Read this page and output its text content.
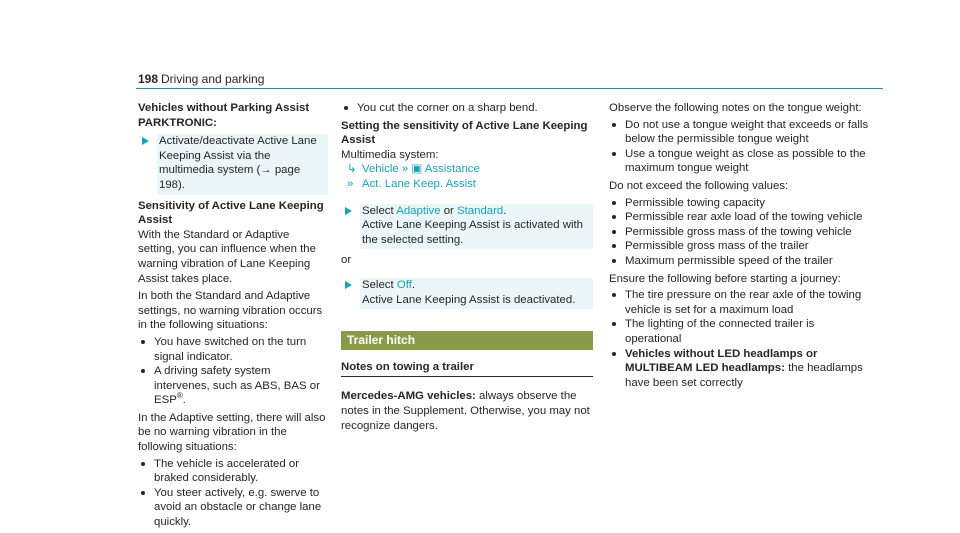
198 Driving and parking

Vehicles without Parking Assist PARKTRONIC:

Activate/deactivate Active Lane Keeping Assist via the multimedia system (→ page 198).

Sensitivity of Active Lane Keeping Assist

With the Standard or Adaptive setting, you can influence when the warning vibration of Lane Keeping Assist takes place.

In both the Standard and Adaptive settings, no warning vibration occurs in the following situations:

You have switched on the turn signal indicator.
A driving safety system intervenes, such as ABS, BAS or ESP®.

In the Adaptive setting, there will also be no warning vibration in the following situations:

The vehicle is accelerated or braked considerably.
You steer actively, e.g. swerve to avoid an obstacle or change lane quickly.
You cut the corner on a sharp bend.

Setting the sensitivity of Active Lane Keeping Assist

Multimedia system:

↳ Vehicle » ▣ Assistance

» Act. Lane Keep. Assist

Select Adaptive or Standard.
Active Lane Keeping Assist is activated with the selected setting.

or

Select Off.
Active Lane Keeping Assist is deactivated.
Trailer hitch

Notes on towing a trailer

Mercedes-AMG vehicles: always observe the notes in the Supplement. Otherwise, you may not recognize dangers.

Observe the following notes on the tongue weight:

Do not use a tongue weight that exceeds or falls below the permissible tongue weight
Use a tongue weight as close as possible to the maximum tongue weight

Do not exceed the following values:

Permissible towing capacity
Permissible rear axle load of the towing vehicle
Permissible gross mass of the towing vehicle
Permissible gross mass of the trailer
Maximum permissible speed of the trailer

Ensure the following before starting a journey:

The tire pressure on the rear axle of the towing vehicle is set for a maximum load
The lighting of the connected trailer is operational
Vehicles without LED headlamps or MULTIBEAM LED headlamps: the headlamps have been set correctly
